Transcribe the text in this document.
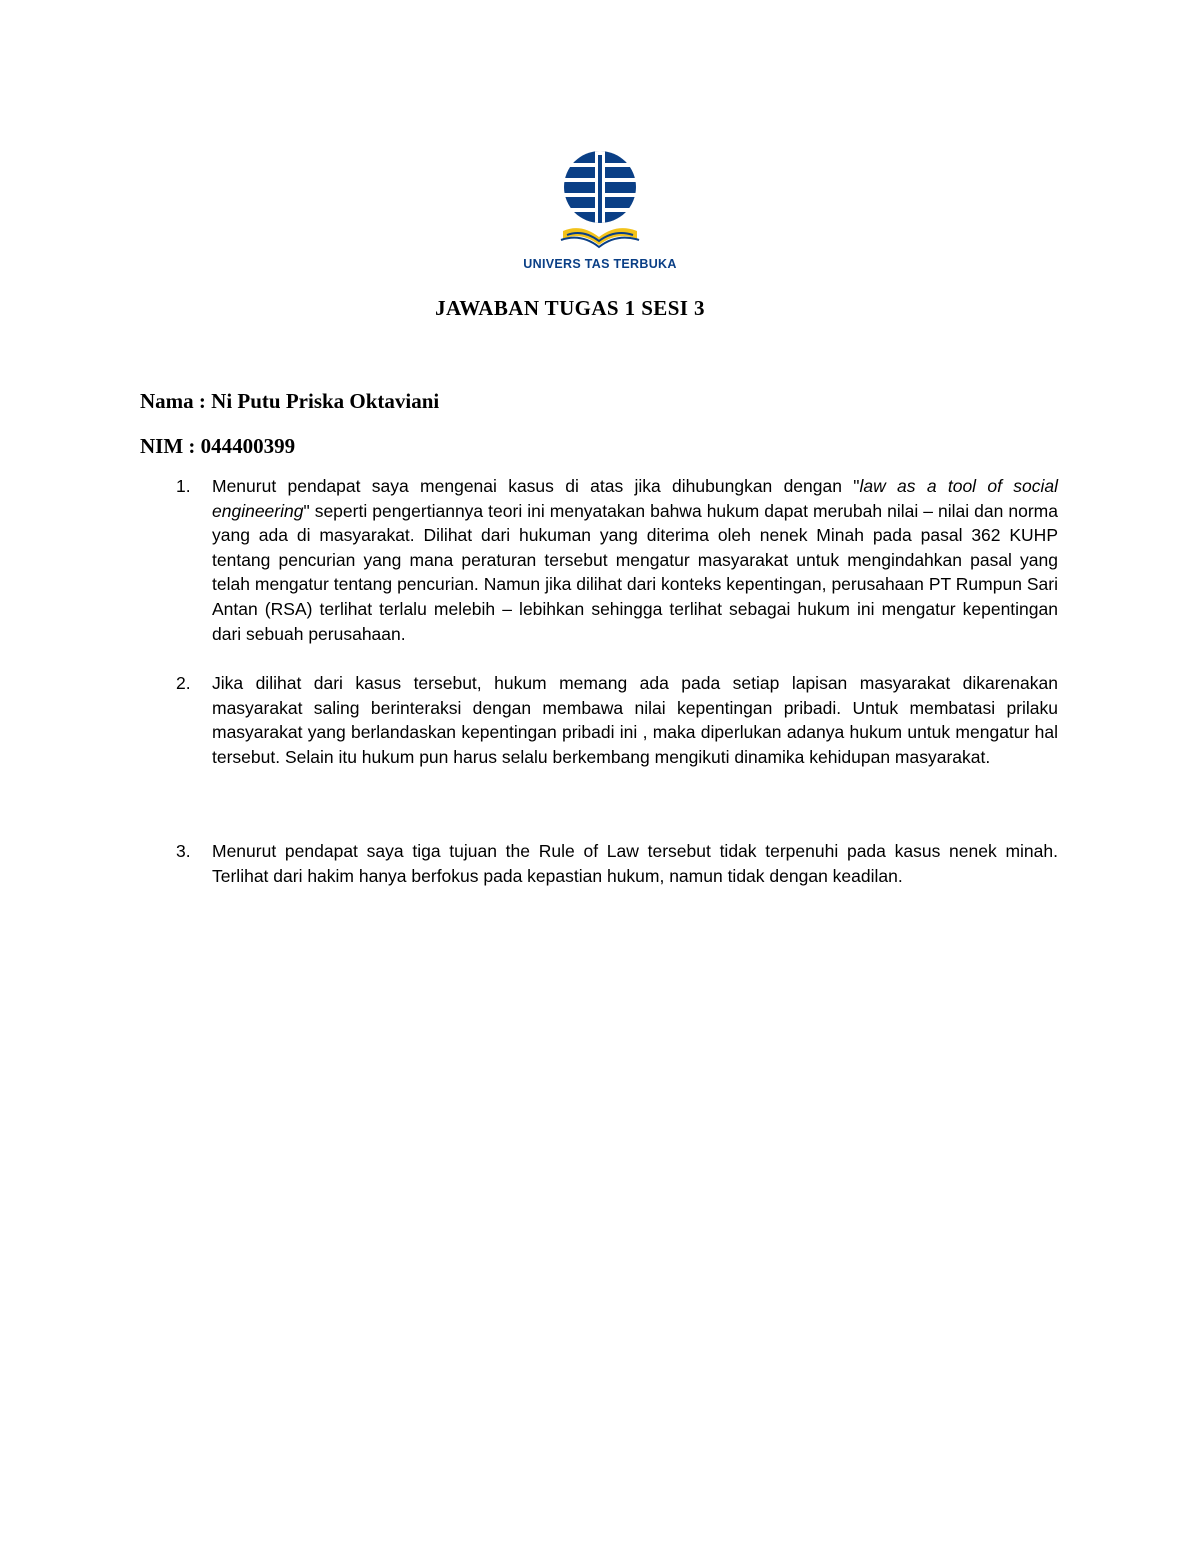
UNIVERS TAS TERBUKA
JAWABAN TUGAS 1 SESI 3
Nama : Ni Putu Priska Oktaviani
NIM : 044400399
1. Menurut pendapat saya mengenai kasus di atas jika dihubungkan dengan "law as a tool of social engineering" seperti pengertiannya teori ini menyatakan bahwa hukum dapat merubah nilai – nilai dan norma yang ada di masyarakat. Dilihat dari hukuman yang diterima oleh nenek Minah pada pasal 362 KUHP tentang pencurian yang mana peraturan tersebut mengatur masyarakat untuk mengindahkan pasal yang telah mengatur tentang pencurian. Namun jika dilihat dari konteks kepentingan, perusahaan PT Rumpun Sari Antan (RSA) terlihat terlalu melebih – lebihkan sehingga terlihat sebagai hukum ini mengatur kepentingan dari sebuah perusahaan.
2. Jika dilihat dari kasus tersebut, hukum memang ada pada setiap lapisan masyarakat dikarenakan masyarakat saling berinteraksi dengan membawa nilai kepentingan pribadi. Untuk membatasi prilaku masyarakat yang berlandaskan kepentingan pribadi ini , maka diperlukan adanya hukum untuk mengatur hal tersebut. Selain itu hukum pun harus selalu berkembang mengikuti dinamika kehidupan masyarakat.
3. Menurut pendapat saya tiga tujuan the Rule of Law tersebut tidak terpenuhi pada kasus nenek minah. Terlihat dari hakim hanya berfokus pada kepastian hukum, namun tidak dengan keadilan.
